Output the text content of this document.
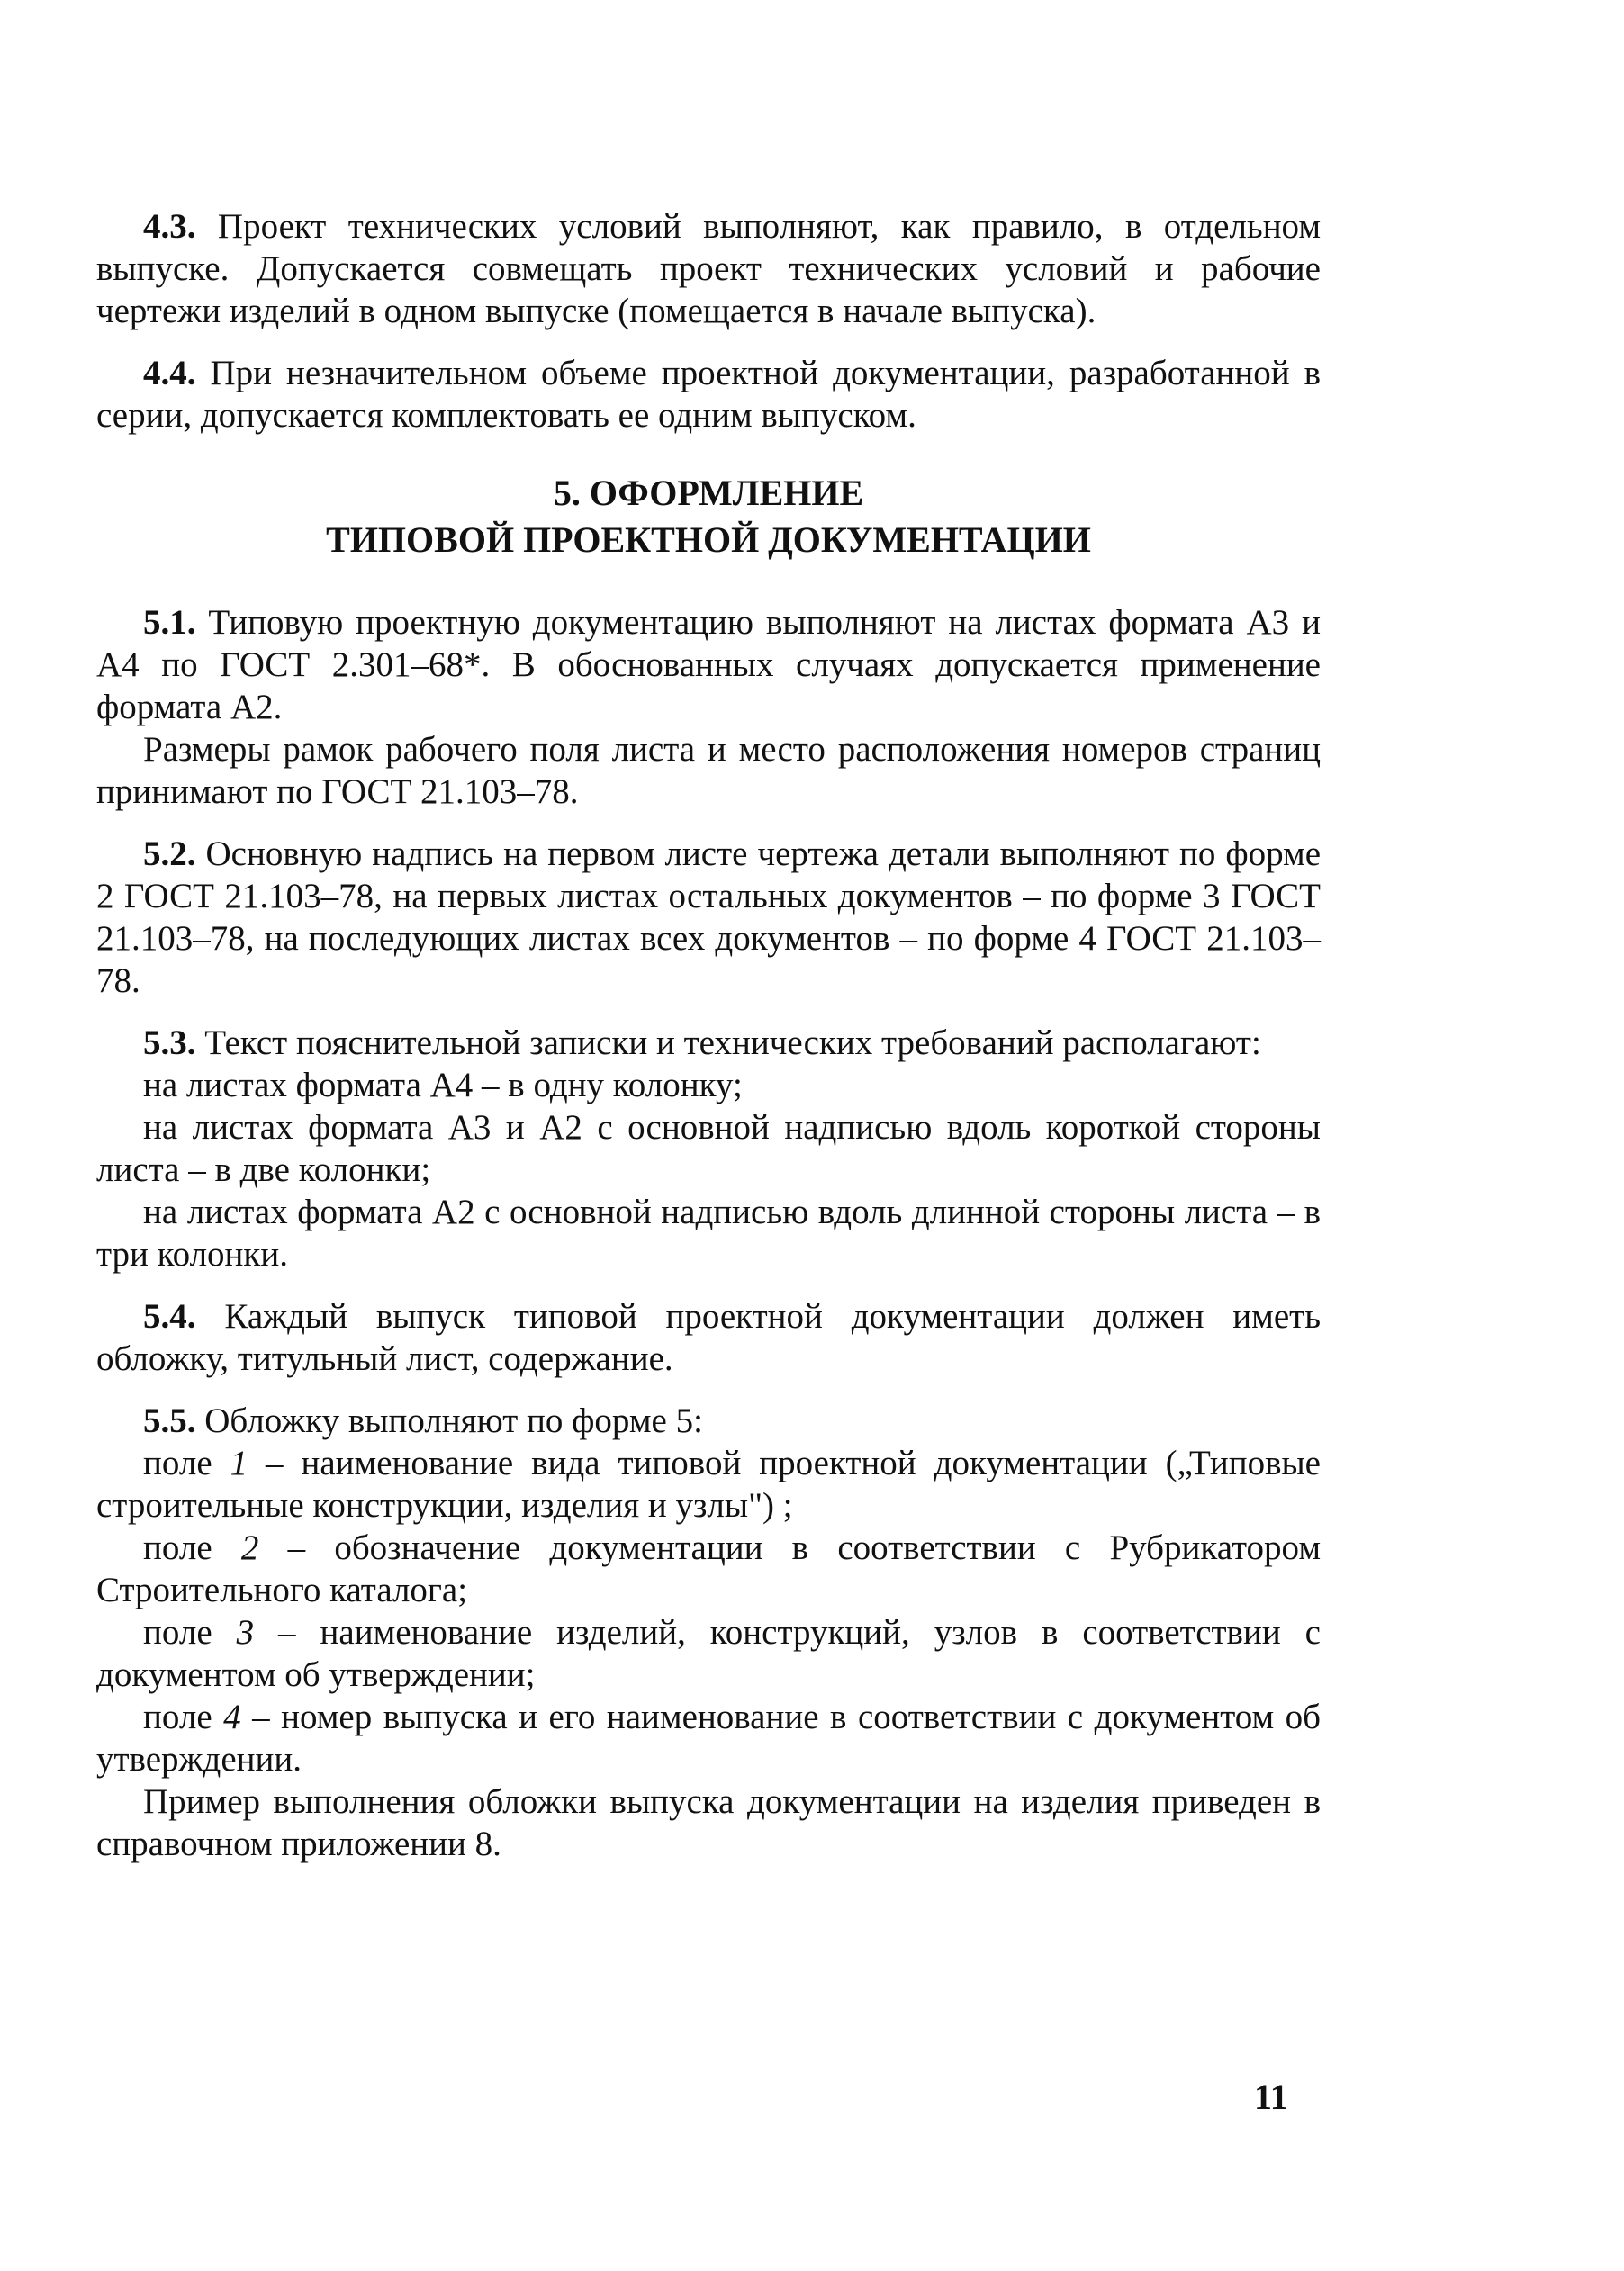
4.3. Проект технических условий выполняют, как правило, в отдельном выпуске. Допускается совмещать проект технических условий и рабочие чертежи изделий в одном выпуске (помещается в начале выпуска).

4.4. При незначительном объеме проектной документации, разработанной в серии, допускается комплектовать ее одним выпуском.

5. ОФОРМЛЕНИЕ
ТИПОВОЙ ПРОЕКТНОЙ ДОКУМЕНТАЦИИ

5.1. Типовую проектную документацию выполняют на листах формата А3 и А4 по ГОСТ 2.301–68*. В обоснованных случаях допускается применение формата А2.

Размеры рамок рабочего поля листа и место расположения номеров страниц принимают по ГОСТ 21.103–78.

5.2. Основную надпись на первом листе чертежа детали выполняют по форме 2 ГОСТ 21.103–78, на первых листах остальных документов – по форме 3 ГОСТ 21.103–78, на последующих листах всех документов – по форме 4 ГОСТ 21.103–78.

5.3. Текст пояснительной записки и технических требований располагают:

на листах формата А4 – в одну колонку;

на листах формата А3 и А2 с основной надписью вдоль короткой стороны листа – в две колонки;

на листах формата А2 с основной надписью вдоль длинной стороны листа – в три колонки.

5.4. Каждый выпуск типовой проектной документации должен иметь обложку, титульный лист, содержание.

5.5. Обложку выполняют по форме 5:

поле 1 – наименование вида типовой проектной документации („Типовые строительные конструкции, изделия и узлы") ;

поле 2 – обозначение документации в соответствии с Рубрикатором Строительного каталога;

поле 3 – наименование изделий, конструкций, узлов в соответствии с документом об утверждении;

поле 4 – номер выпуска и его наименование в соответствии с документом об утверждении.

Пример выполнения обложки выпуска документации на изделия приведен в справочном приложении 8.

11
